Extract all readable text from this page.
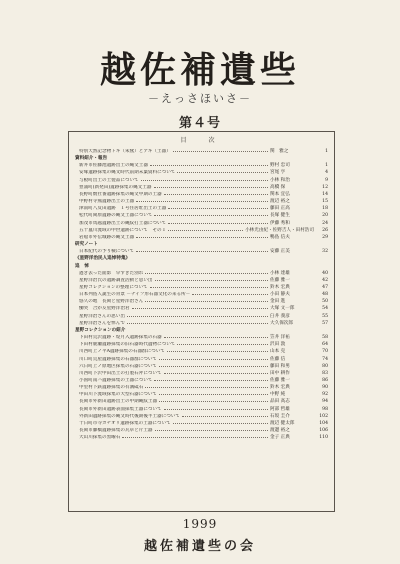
越佐補遺些
－えっさほいさ－
第４号
目　次
特別天然記念物トキ（朱鷺）とアキ（土器）	関　雅之	1
資料紹介・報告
新井市佐藤池遺跡出土の縄文土器	野村 忠司	1
安塚遺跡採集の縄文時代前期末葉資料について	宮尾 亨	4
与板町出土の土製品について	小林 和治	9
豊浦町(新発田)遺跡採集の縄文土器	高橋 保	12
長野町数社番遺跡採集の縄文中期の土器	関本 宜弘	14
中野村寺熊遺跡出土の土器	渡辺 裕之	15
津南町八反田遺跡　１号住居址出土の土器	藤田 正高	18
松代町岡原遺跡の縄文土器について	長塚 健生	20
加茂市馬越遺跡出土の縄紋打土器について	伊藤 秀和	24
五十嵐川流域の中世遺跡について　その１	小林光由紀・佐野吉人・田村浩司	26
岩船市外伝城跡の縄文土器	鴨島 信夫	29
研究ノート
日本紀代の予り検について	安藤 正美	32
《星野洋治民人追悼特集》
追　悼
過ぎ去った面影　早すぎた別れ	小林 達雄	40
星野洋治氏の遺跡調査活動と思い出	佐藤 雅一	42
星野コレクションの整理について	鈴木 宏典	47
日本列島人誕生の背景 －ナイフ形石器文化の来る所－	小田 静夫	48
悠久の地　長岡と星野洋治さん	金田 進	50
慟哭　合が友星野洋治君	大塚 文一郎	54
星野洋治さんの思い出	臼井 義彦	55
星野洋治さんを悼んで	大久保次郎	57
星野コレクションの紹介
下田村荒沢遺跡・堤月入遺跡採集の石器	笠井 洋祐	58
下田村鹿瀬遺跡採集の旧石器時代遺物について	沢田 敦	64
川西町上ノ平A遺跡採集の石器群について	山本 克	70
川口町荒屋遺跡採集の石器群について	佐藤 信	74
六日町上ノ原地区採集の石器について	藤田 和男	80
川西町下沢中田出土の打製石斧について	田中 耕作	83
小国町南ハ遺跡採集の土器について	佐藤 雅一	86
中里村下鉄遺跡採集の有溝砥石	鈴木 宏典	90
中田川下流域採集の大型石器について	中野 純	92
長岡市外新田遺跡出土の中期縄紋土器	品田 高志	94
長岡市外新田遺跡表面採集土器について	阿部 哲雄	98
外新田遺跡採集の縄文時代後期後半土器について	石坂 圭介	102
十日町市寺カチオリ遺跡採集の土器について	渡辺 健太郎	104
長岡市藤橋遺跡採集の瓦草と片土器	渡邊 裕之	106
大山川採集の黒曜石	金子 正典	110
1999
越佐補遺些の会
